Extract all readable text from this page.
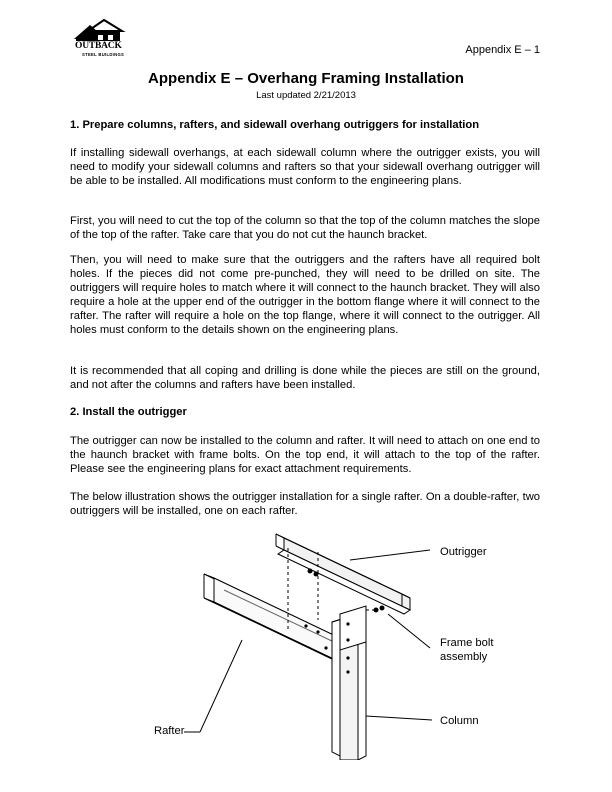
OUTBACK
STEEL BUILDINGS	Appendix E – 1
Appendix E – Overhang Framing Installation
Last updated 2/21/2013
1. Prepare columns, rafters, and sidewall overhang outriggers for installation

If installing sidewall overhangs, at each sidewall column where the outrigger exists, you will need to modify your sidewall columns and rafters so that your sidewall overhang outrigger will be able to be installed. All modifications must conform to the engineering plans.

First, you will need to cut the top of the column so that the top of the column matches the slope of the top of the rafter. Take care that you do not cut the haunch bracket.

Then, you will need to make sure that the outriggers and the rafters have all required bolt holes. If the pieces did not come pre-punched, they will need to be drilled on site. The outriggers will require holes to match where it will connect to the haunch bracket. They will also require a hole at the upper end of the outrigger in the bottom flange where it will connect to the rafter. The rafter will require a hole on the top flange, where it will connect to the outrigger. All holes must conform to the details shown on the engineering plans.

It is recommended that all coping and drilling is done while the pieces are still on the ground, and not after the columns and rafters have been installed.

2. Install the outrigger

The outrigger can now be installed to the column and rafter. It will need to attach on one end to the haunch bracket with frame bolts. On the top end, it will attach to the top of the rafter. Please see the engineering plans for exact attachment requirements.

The below illustration shows the outrigger installation for a single rafter. On a double-rafter, two outriggers will be installed, one on each rafter.

Outrigger
Frame bolt
assembly
Column
Rafter
